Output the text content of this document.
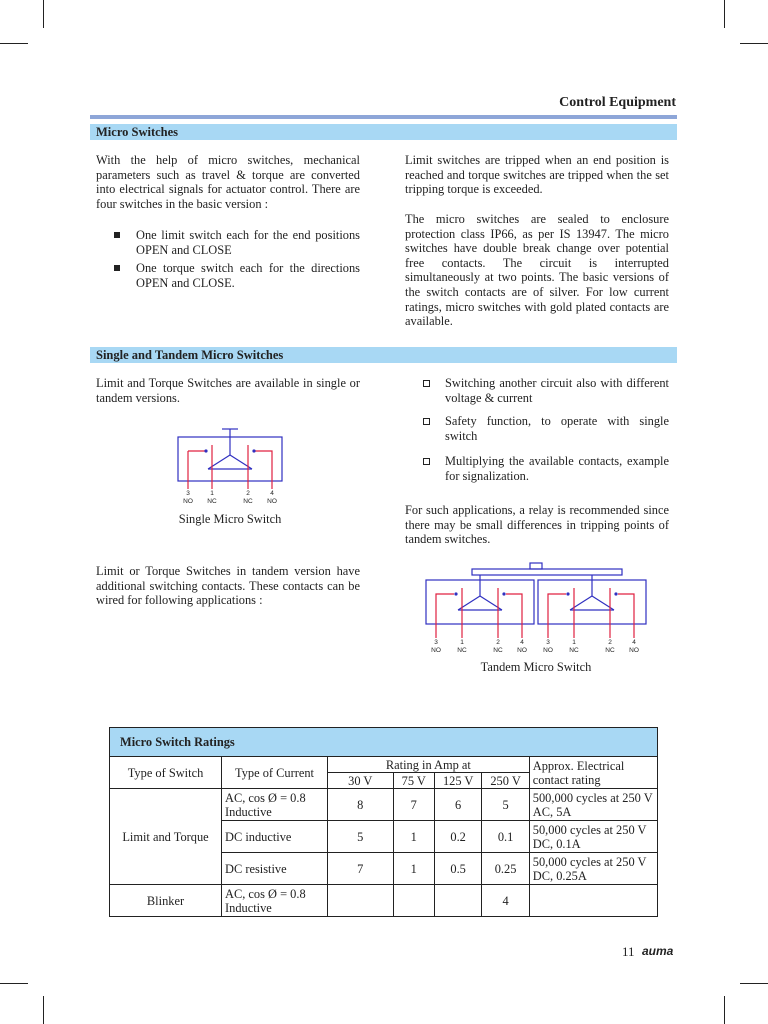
Control Equipment
Micro Switches
With the help of micro switches, mechanical parameters such as travel & torque are converted into electrical signals for actuator control. There are four switches in the basic version :
One limit switch each for the end positions OPEN and CLOSE
One torque switch each for the directions OPEN and CLOSE.
Limit switches are tripped when an end position is reached and torque switches are tripped when the set tripping torque is exceeded.
The micro switches are sealed to enclosure protection class IP66, as per IS 13947. The micro switches have double break change over potential free contacts. The circuit is interrupted simultaneously at two points. The basic versions of the switch contacts are of silver. For low current ratings, micro switches with gold plated contacts are available.
Single and Tandem Micro Switches
Limit and Torque Switches are available in single or tandem versions.
3	1	2	4
NO NC	NC NO
Single Micro Switch
Limit or Torque Switches in tandem version have additional switching contacts. These contacts can be wired for following applications :
Switching another circuit also with different voltage & current
Safety function, to operate with single switch
Multiplying the available contacts, example for signalization.
For such applications, a relay is recommended since there may be small differences in tripping points of tandem switches.
3	1	2	4	3	1	2	4
NO	NC	NC NO	NO	NC	NC NO
Tandem Micro Switch
Micro Switch Ratings						
Type of Switch	Type of Current	Rating in Amp at				Approx. Electrical contact rating
		30 V	75 V	125 V	250 V	
Limit and Torque	AC, cos Ø = 0.8 Inductive	8	7	6	5	500,000 cycles at 250 V AC, 5A
	DC inductive	5	1	0.2	0.1	50,000 cycles at 250 V DC, 0.1A
	DC resistive	7	1	0.5	0.25	50,000 cycles at 250 V DC, 0.25A
Blinker	AC, cos Ø = 0.8 Inductive				4	
11 auma
